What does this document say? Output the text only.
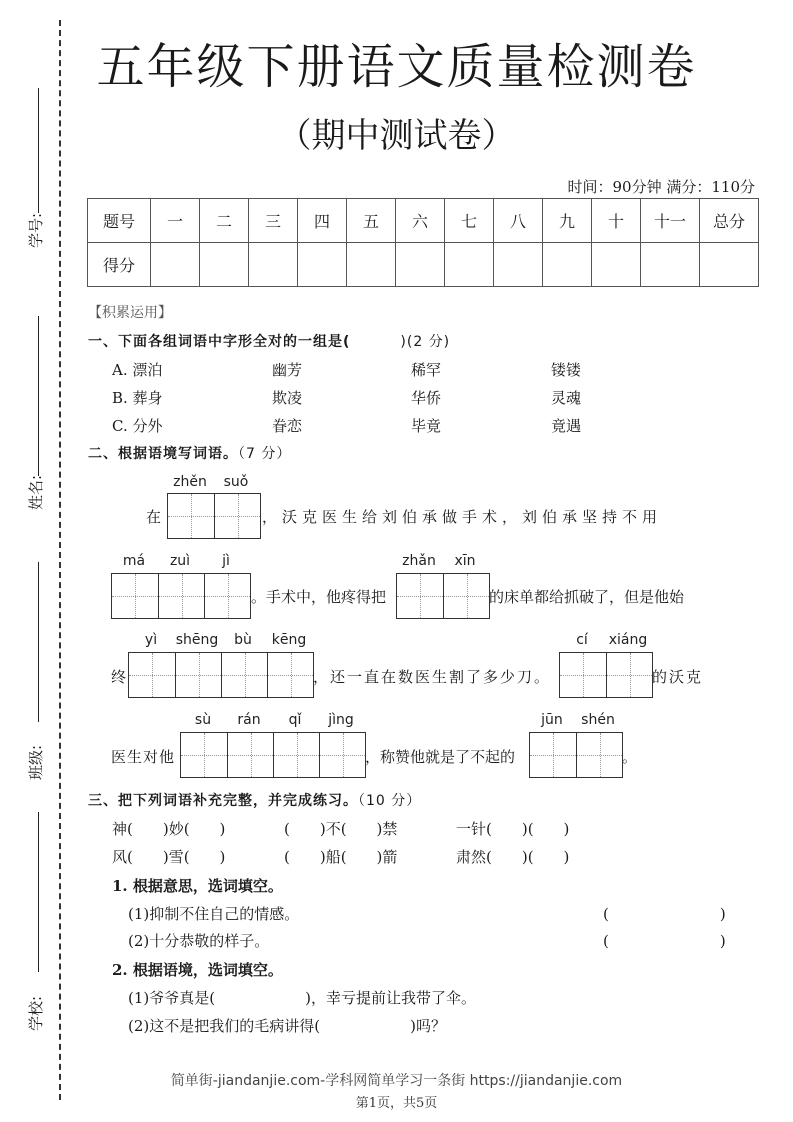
学号:
姓名:
班级:
学校:
五年级下册语文质量检测卷
（期中测试卷）
时间：90分钟 满分：110分
题号	一	二	三	四	五	六	七	八	九	十	十一	总分
得分												
【积累运用】
一、下面各组词语中字形全对的一组是(	)(2 分)
A. 漂泊	幽芳	稀罕	镂镂
B. 葬身	欺凌	华侨	灵魂
C. 分外	眷恋	毕竟	竟遇
二、根据语境写词语。（7 分）
在
zhěn	suǒ
，沃克医生给刘伯承做手术，刘伯承坚持不用
má	zuì	jì
。手术中，他疼得把
zhǎn	xīn
的床单都给抓破了，但是他始
终
yì	shēng	bù	kēng
，还一直在数医生割了多少刀。
cí	xiáng
的沃克
医生对他
sù	rán	qǐ	jìng
，称赞他就是了不起的
jūn	shén
。
三、把下列词语补充完整，并完成练习。（10 分）
神(　　)妙(　　)	(　　)不(　　)禁	一针(　　)(　　)
风(　　)雪(　　)	(　　)船(　　)箭	肃然(　　)(　　)
1. 根据意思，选词填空。
(1)抑制不住自己的情感。	(　　　　　)
(2)十分恭敬的样子。	(　　　　　)
2. 根据语境，选词填空。
(1)爷爷真是(　　　　　　)，幸亏提前让我带了伞。
(2)这不是把我们的毛病讲得(　　　　　　)吗？
简单街-jiandanjie.com-学科网简单学习一条街 https://jiandanjie.com
第1页，共5页
